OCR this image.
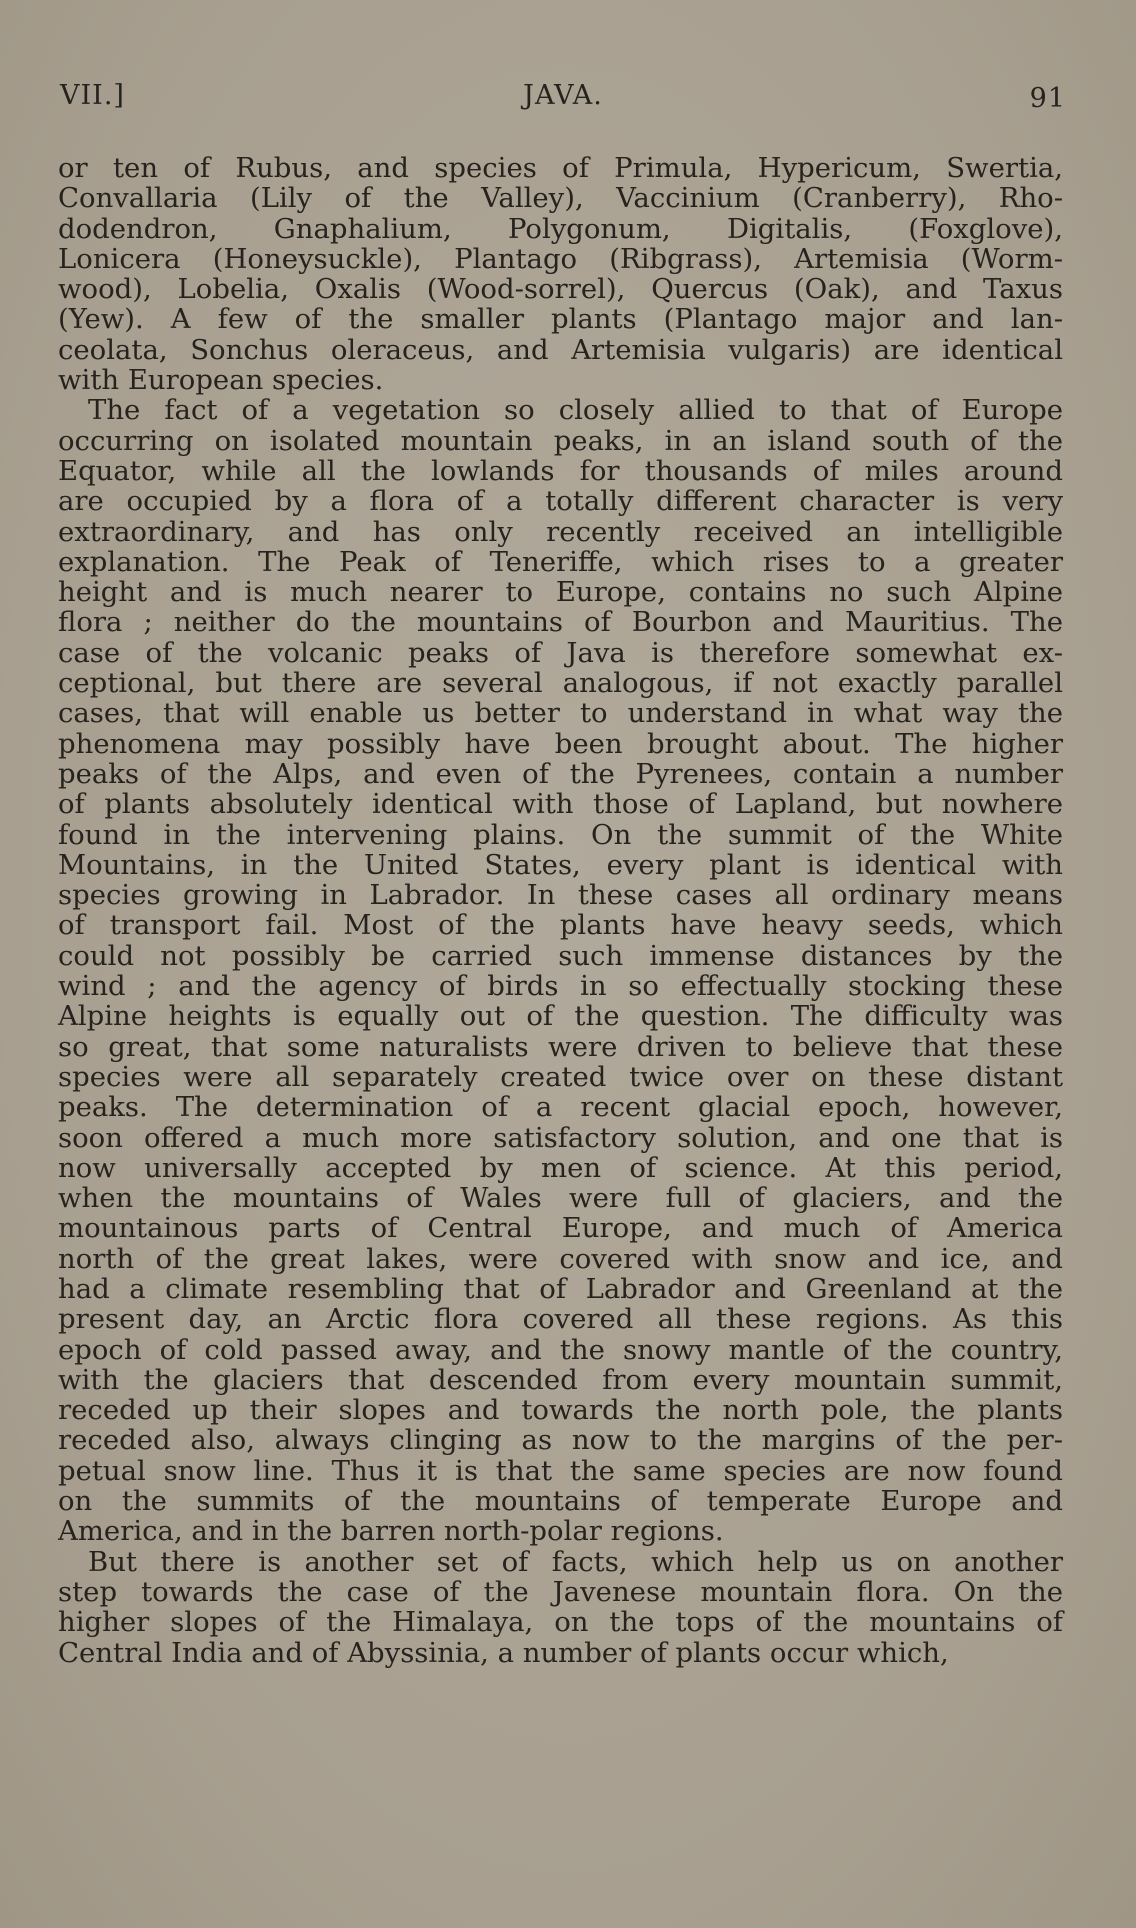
VII.]	JAVA.	91
or ten of Rubus, and species of Primula, Hypericum, Swertia,
Convallaria (Lily of the Valley), Vaccinium (Cranberry), Rho-
dodendron, Gnaphalium, Polygonum, Digitalis, (Foxglove),
Lonicera (Honeysuckle), Plantago (Ribgrass), Artemisia (Worm-
wood), Lobelia, Oxalis (Wood-sorrel), Quercus (Oak), and Taxus
(Yew). A few of the smaller plants (Plantago major and lan-
ceolata, Sonchus oleraceus, and Artemisia vulgaris) are identical
with European species.
The fact of a vegetation so closely allied to that of Europe
occurring on isolated mountain peaks, in an island south of the
Equator, while all the lowlands for thousands of miles around
are occupied by a flora of a totally different character is very
extraordinary, and has only recently received an intelligible
explanation. The Peak of Teneriffe, which rises to a greater
height and is much nearer to Europe, contains no such Alpine
flora ; neither do the mountains of Bourbon and Mauritius. The
case of the volcanic peaks of Java is therefore somewhat ex-
ceptional, but there are several analogous, if not exactly parallel
cases, that will enable us better to understand in what way the
phenomena may possibly have been brought about. The higher
peaks of the Alps, and even of the Pyrenees, contain a number
of plants absolutely identical with those of Lapland, but nowhere
found in the intervening plains. On the summit of the White
Mountains, in the United States, every plant is identical with
species growing in Labrador. In these cases all ordinary means
of transport fail. Most of the plants have heavy seeds, which
could not possibly be carried such immense distances by the
wind ; and the agency of birds in so effectually stocking these
Alpine heights is equally out of the question. The difficulty was
so great, that some naturalists were driven to believe that these
species were all separately created twice over on these distant
peaks. The determination of a recent glacial epoch, however,
soon offered a much more satisfactory solution, and one that is
now universally accepted by men of science. At this period,
when the mountains of Wales were full of glaciers, and the
mountainous parts of Central Europe, and much of America
north of the great lakes, were covered with snow and ice, and
had a climate resembling that of Labrador and Greenland at the
present day, an Arctic flora covered all these regions. As this
epoch of cold passed away, and the snowy mantle of the country,
with the glaciers that descended from every mountain summit,
receded up their slopes and towards the north pole, the plants
receded also, always clinging as now to the margins of the per-
petual snow line. Thus it is that the same species are now found
on the summits of the mountains of temperate Europe and
America, and in the barren north-polar regions.
But there is another set of facts, which help us on another
step towards the case of the Javenese mountain flora. On the
higher slopes of the Himalaya, on the tops of the mountains of
Central India and of Abyssinia, a number of plants occur which,
